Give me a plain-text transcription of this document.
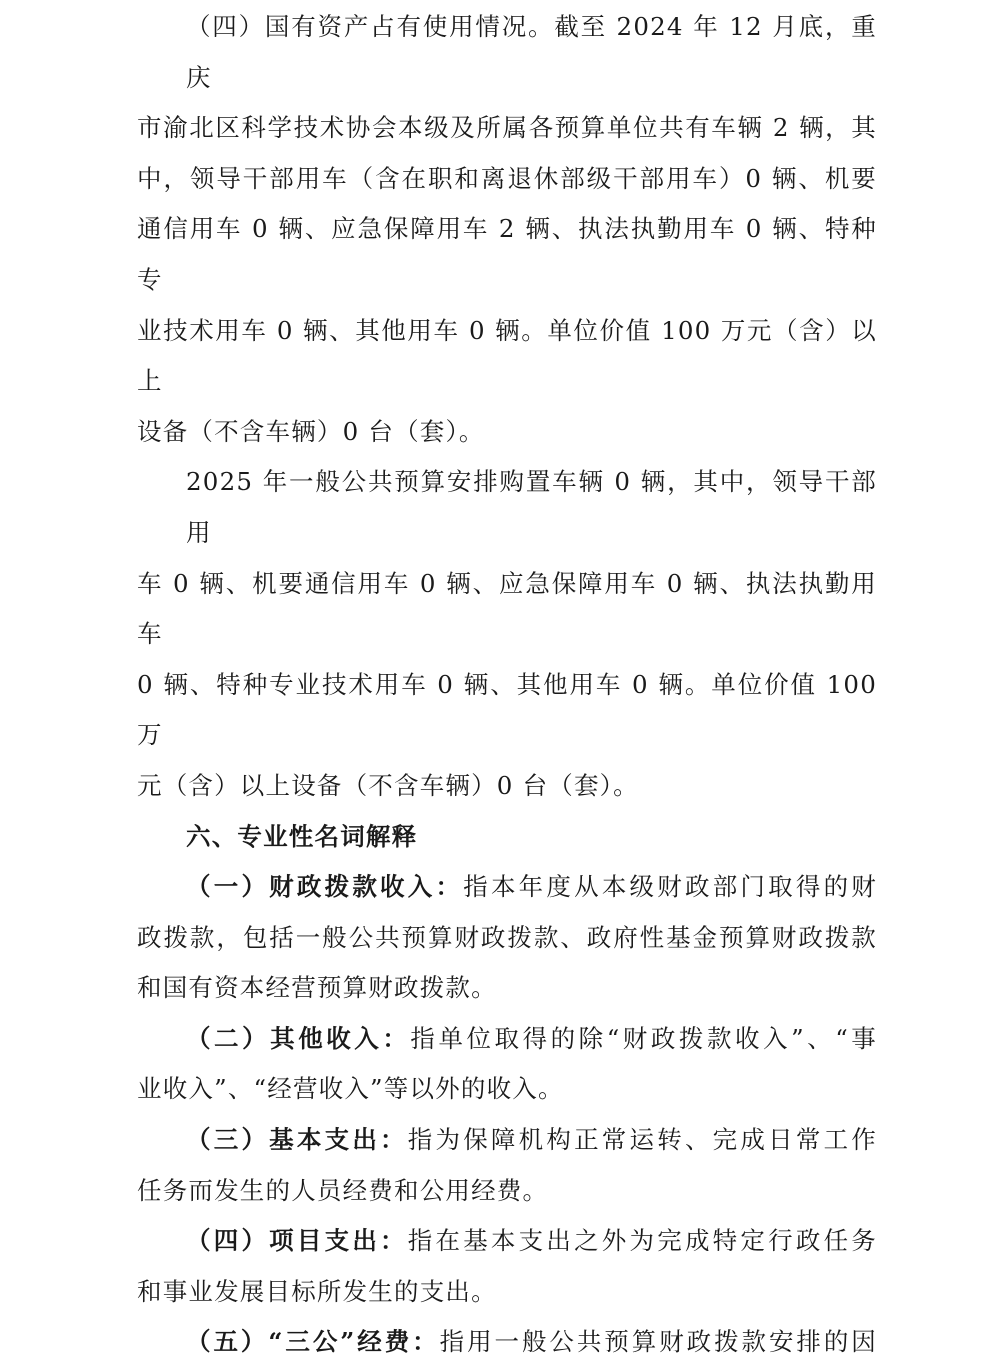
（四）国有资产占有使用情况。截至 2024 年 12 月底，重庆
市渝北区科学技术协会本级及所属各预算单位共有车辆 2 辆，其
中，领导干部用车（含在职和离退休部级干部用车）0 辆、机要
通信用车 0 辆、应急保障用车 2 辆、执法执勤用车 0 辆、特种专
业技术用车 0 辆、其他用车 0 辆。单位价值 100 万元（含）以上
设备（不含车辆）0 台（套）。
2025 年一般公共预算安排购置车辆 0 辆，其中，领导干部用
车 0 辆、机要通信用车 0 辆、应急保障用车 0 辆、执法执勤用车
0 辆、特种专业技术用车 0 辆、其他用车 0 辆。单位价值 100 万
元（含）以上设备（不含车辆）0 台（套）。
六、专业性名词解释
（一）财政拨款收入：指本年度从本级财政部门取得的财
政拨款，包括一般公共预算财政拨款、政府性基金预算财政拨款
和国有资本经营预算财政拨款。
（二）其他收入：指单位取得的除“财政拨款收入”、“事
业收入”、“经营收入”等以外的收入。
（三）基本支出：指为保障机构正常运转、完成日常工作
任务而发生的人员经费和公用经费。
（四）项目支出：指在基本支出之外为完成特定行政任务
和事业发展目标所发生的支出。
（五）“三公”经费：指用一般公共预算财政拨款安排的因
